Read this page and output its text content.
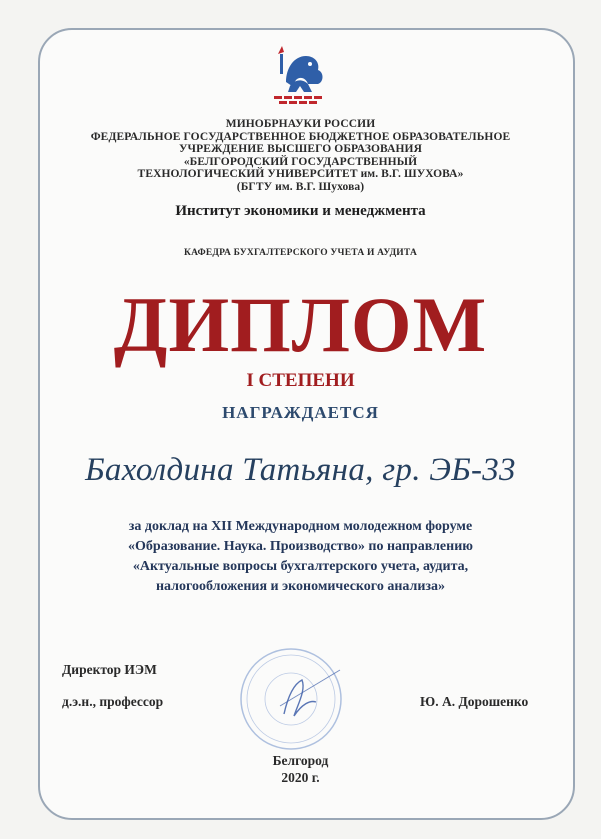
МИНОБРНАУКИ РОССИИ
ФЕДЕРАЛЬНОЕ ГОСУДАРСТВЕННОЕ БЮДЖЕТНОЕ ОБРАЗОВАТЕЛЬНОЕ
УЧРЕЖДЕНИЕ ВЫСШЕГО ОБРАЗОВАНИЯ
«БЕЛГОРОДСКИЙ ГОСУДАРСТВЕННЫЙ
ТЕХНОЛОГИЧЕСКИЙ УНИВЕРСИТЕТ им. В.Г. ШУХОВА»
(БГТУ им. В.Г. Шухова)
Институт экономики и менеджмента
КАФЕДРА БУХГАЛТЕРСКОГО УЧЕТА И АУДИТА
ДИПЛОМ
I СТЕПЕНИ
НАГРАЖДАЕТСЯ
Бахолдина Татьяна, гр. ЭБ-33
за доклад на XII Международном молодежном форуме
«Образование. Наука. Производство» по направлению
«Актуальные вопросы бухгалтерского учета, аудита,
налогообложения и экономического анализа»
Директор ИЭМ
д.э.н., профессор	Ю. А. Дорошенко
Белгород
2020 г.
